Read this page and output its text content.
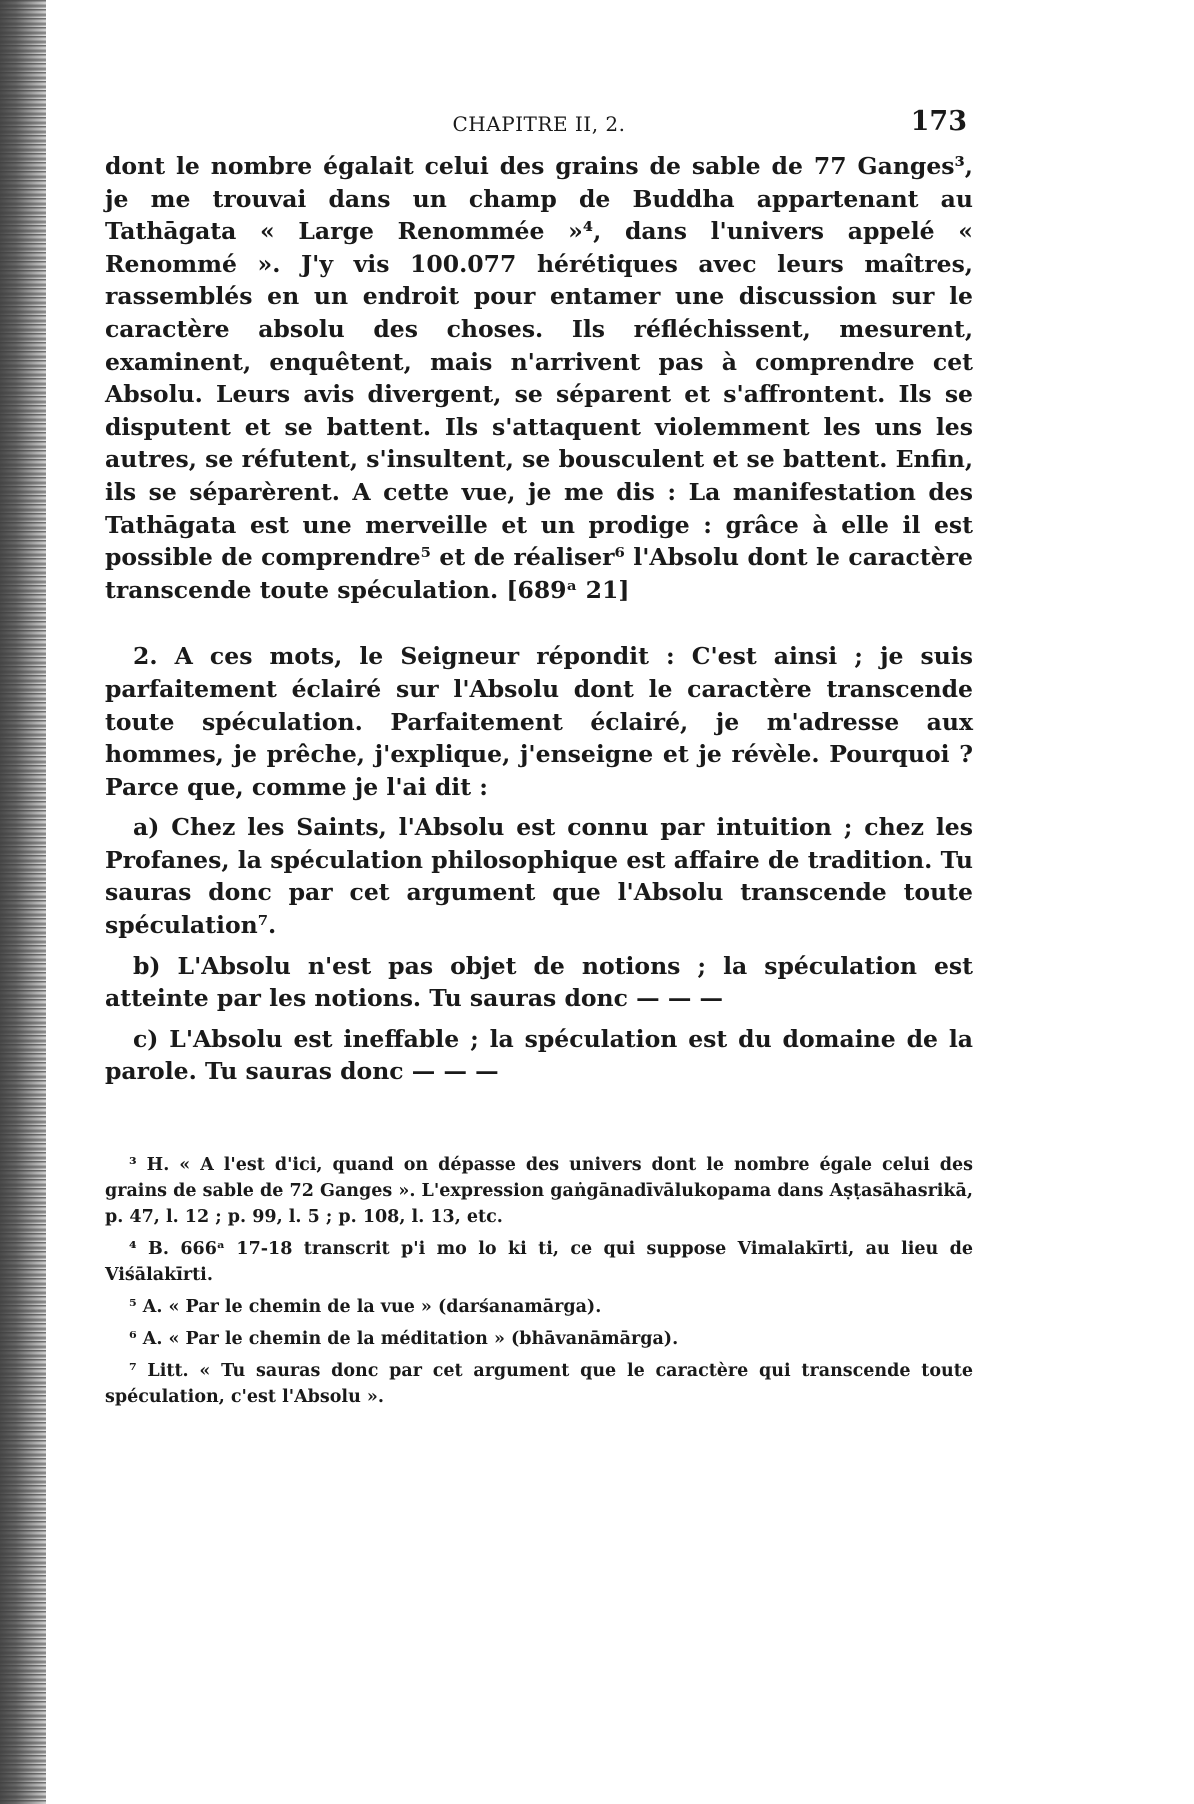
CHAPITRE II, 2.	173

dont le nombre égalait celui des grains de sable de 77 Ganges³, je me trouvai dans un champ de Buddha appartenant au Tathāgata « Large Renommée »⁴, dans l'univers appelé « Renommé ». J'y vis 100.077 hérétiques avec leurs maîtres, rassemblés en un endroit pour entamer une discussion sur le caractère absolu des choses. Ils réfléchissent, mesurent, examinent, enquêtent, mais n'arrivent pas à comprendre cet Absolu. Leurs avis divergent, se séparent et s'affrontent. Ils se disputent et se battent. Ils s'attaquent violemment les uns les autres, se réfutent, s'insultent, se bousculent et se battent. Enfin, ils se séparèrent. A cette vue, je me dis : La manifestation des Tathāgata est une merveille et un prodige : grâce à elle il est possible de comprendre⁵ et de réaliser⁶ l'Absolu dont le caractère transcende toute spéculation. [689ᵃ 21]

2. A ces mots, le Seigneur répondit : C'est ainsi ; je suis parfaitement éclairé sur l'Absolu dont le caractère transcende toute spéculation. Parfaitement éclairé, je m'adresse aux hommes, je prêche, j'explique, j'enseigne et je révèle. Pourquoi ? Parce que, comme je l'ai dit :

a) Chez les Saints, l'Absolu est connu par intuition ; chez les Profanes, la spéculation philosophique est affaire de tradition. Tu sauras donc par cet argument que l'Absolu transcende toute spéculation⁷.

b) L'Absolu n'est pas objet de notions ; la spéculation est atteinte par les notions. Tu sauras donc — — —

c) L'Absolu est ineffable ; la spéculation est du domaine de la parole. Tu sauras donc — — —

³ H. « A l'est d'ici, quand on dépasse des univers dont le nombre égale celui des grains de sable de 72 Ganges ». L'expression gaṅgānadīvālukopama dans Aṣṭasāhasrikā, p. 47, l. 12 ; p. 99, l. 5 ; p. 108, l. 13, etc.

⁴ B. 666ᵃ 17-18 transcrit p'i mo lo ki ti, ce qui suppose Vimalakīrti, au lieu de Viśālakīrti.

⁵ A. « Par le chemin de la vue » (darśanamārga).

⁶ A. « Par le chemin de la méditation » (bhāvanāmārga).

⁷ Litt. « Tu sauras donc par cet argument que le caractère qui transcende toute spéculation, c'est l'Absolu ».
